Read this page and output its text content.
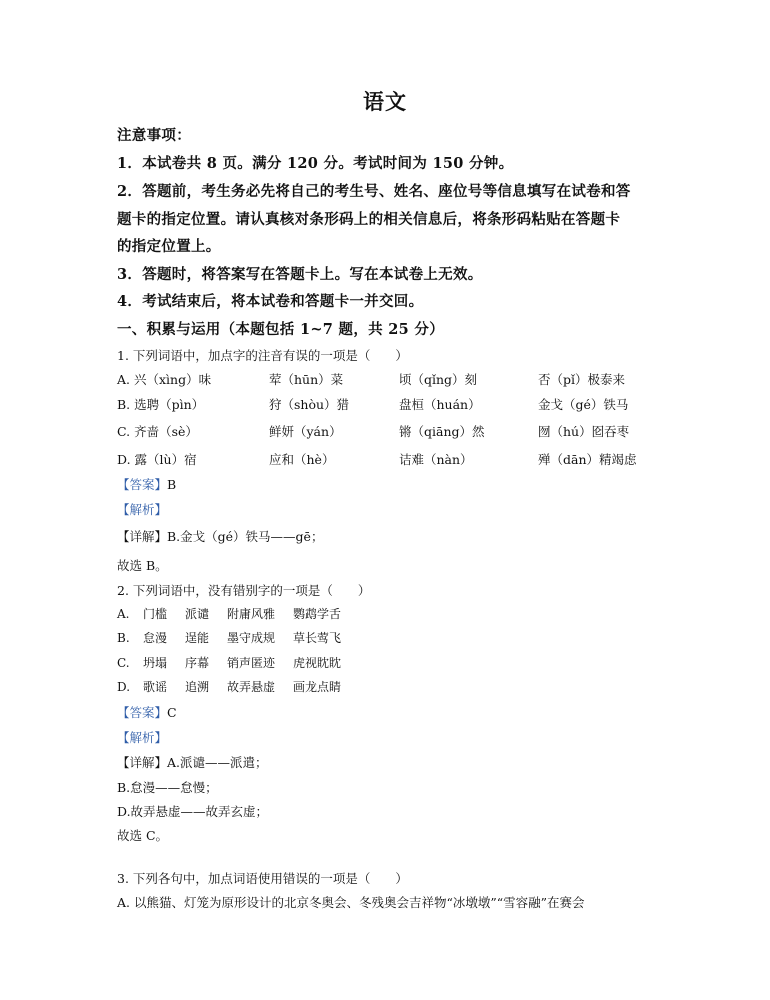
语文
注意事项：
1．本试卷共 8 页。满分 120 分。考试时间为 150 分钟。
2．答题前，考生务必先将自己的考生号、姓名、座位号等信息填写在试卷和答
题卡的指定位置。请认真核对条形码上的相关信息后，将条形码粘贴在答题卡
的指定位置上。
3．答题时，将答案写在答题卡上。写在本试卷上无效。
4．考试结束后，将本试卷和答题卡一并交回。
一、积累与运用（本题包括 1~7 题，共 25 分）
1. 下列词语中，加点字的注音有误的一项是（　　）
A. 兴（xìng）味	荤（hūn）菜	顷（qǐng）刻	否（pǐ）极泰来
B. 选聘（pìn）	狩（shòu）猎	盘桓（huán）	金戈（gé）铁马
C. 齐啬（sè）	鲜妍（yán）	锵（qiāng）然	囫（hú）囵吞枣
D. 露（lù）宿	应和（hè）	诘难（nàn）	殚（dān）精竭虑
【答案】B
【解析】
【详解】B.金戈（gé）铁马——gē；
故选 B。
2. 下列词语中，没有错别字的一项是（　　）
A. 门槛 派谴 附庸风雅 鹦鹉学舌
B. 怠漫 逞能 墨守成规 草长莺飞
C. 坍塌 序幕 销声匿迹 虎视眈眈
D. 歌谣 追溯 故弄悬虚 画龙点睛
【答案】C
【解析】
【详解】A.派谴——派遣；
B.怠漫——怠慢；
D.故弄悬虚——故弄玄虚；
故选 C。
3. 下列各句中，加点词语使用错误的一项是（　　）
A. 以熊猫、灯笼为原形设计的北京冬奥会、冬残奥会吉祥物“冰墩墩”“雪容融”在赛会
